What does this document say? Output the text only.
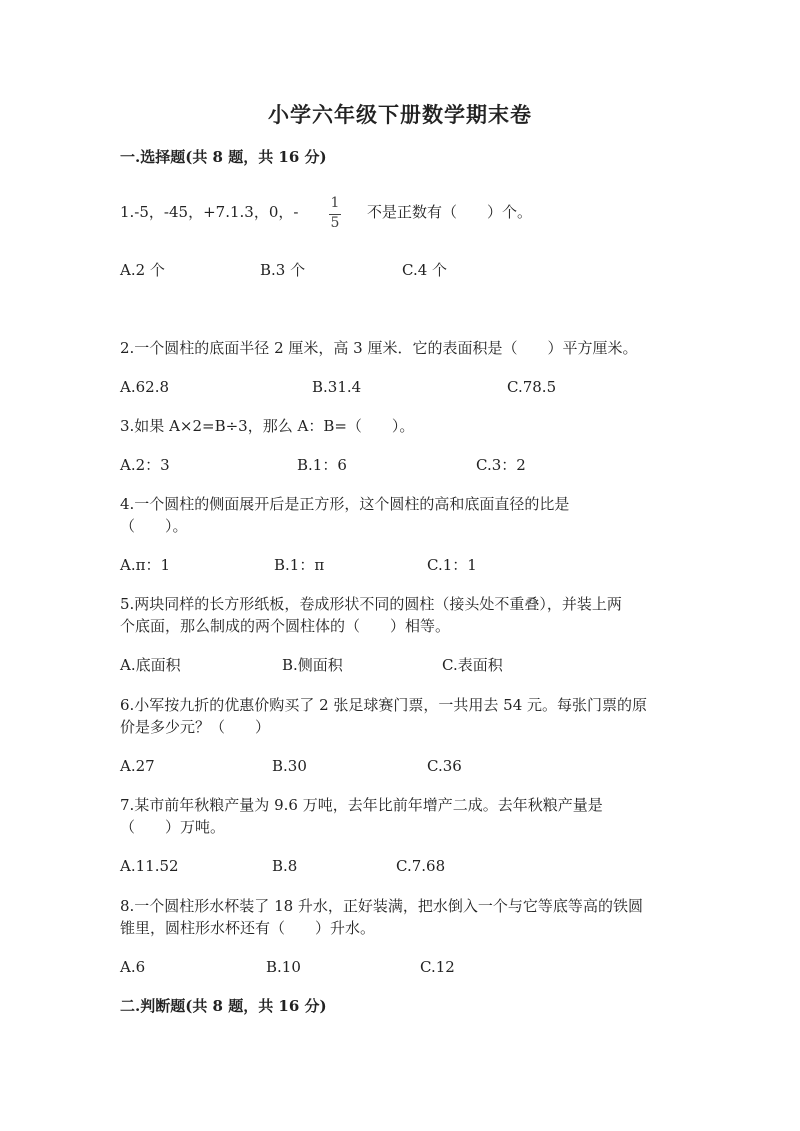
小学六年级下册数学期末卷
一.选择题(共 8 题，共 16 分)
1.-5，-45，+7.1.3，0，- 1
5
不是正数有（　　）个。
A.2 个	B.3 个	C.4 个
2.一个圆柱的底面半径 2 厘米，高 3 厘米．它的表面积是（　　）平方厘米。
A.62.8	B.31.4	C.78.5
3.如果 A×2=B÷3，那么 A：B=（　　）。
A.2：3	B.1：6	C.3：2
4.一个圆柱的侧面展开后是正方形，这个圆柱的高和底面直径的比是
（　　）。
A.π：1	B.1：π	C.1：1
5.两块同样的长方形纸板，卷成形状不同的圆柱（接头处不重叠），并装上两
个底面，那么制成的两个圆柱体的（　　）相等。
A.底面积	B.侧面积	C.表面积
6.小军按九折的优惠价购买了 2 张足球赛门票，一共用去 54 元。每张门票的原
价是多少元？（　　）
A.27	B.30	C.36
7.某市前年秋粮产量为 9.6 万吨，去年比前年增产二成。去年秋粮产量是
（　　）万吨。
A.11.52	B.8	C.7.68
8.一个圆柱形水杯装了 18 升水，正好装满，把水倒入一个与它等底等高的铁圆
锥里，圆柱形水杯还有（　　）升水。
A.6	B.10	C.12
二.判断题(共 8 题，共 16 分)
